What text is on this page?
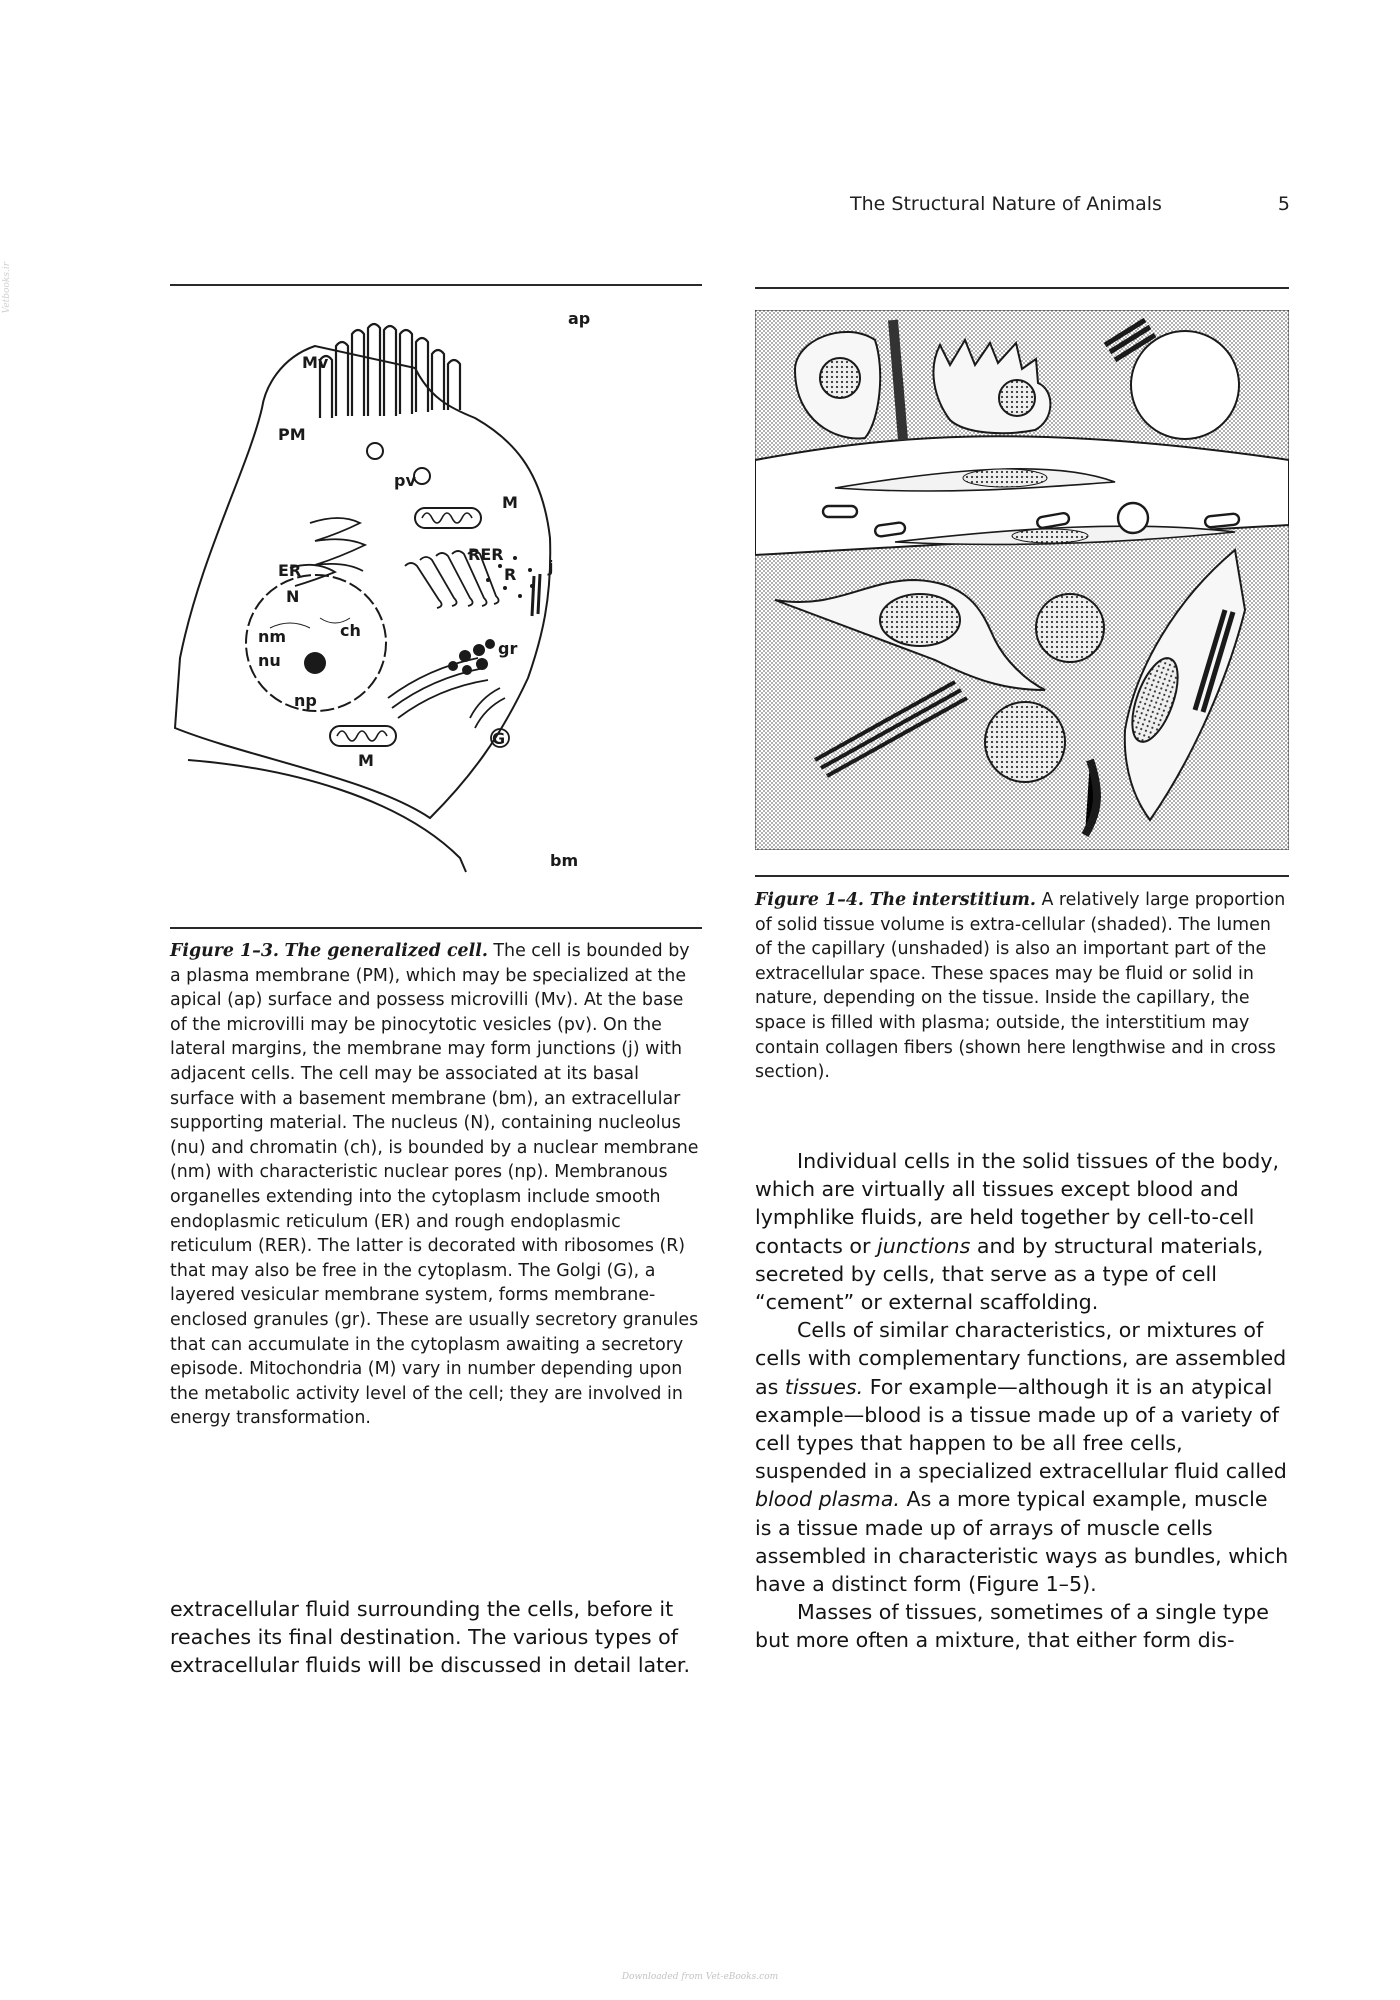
The Structural Nature of Animals	5
Vetbooks.ir
ap
Mv
PM
pv
M
RER
ER	R j
N
ch
nm
nu
gr
np
M
G
bm
Figure 1–3. The generalized cell. The cell is bounded by a plasma membrane (PM), which may be specialized at the apical (ap) surface and possess microvilli (Mv). At the base of the microvilli may be pinocytotic vesicles (pv). On the lateral margins, the membrane may form junctions (j) with adjacent cells. The cell may be associated at its basal surface with a basement membrane (bm), an extracellular supporting material. The nucleus (N), containing nucleolus (nu) and chromatin (ch), is bounded by a nuclear membrane (nm) with characteristic nuclear pores (np). Membranous organelles extending into the cytoplasm include smooth endoplasmic reticulum (ER) and rough endoplasmic reticulum (RER). The latter is decorated with ribosomes (R) that may also be free in the cytoplasm. The Golgi (G), a layered vesicular membrane system, forms membrane-enclosed granules (gr). These are usually secretory granules that can accumulate in the cytoplasm awaiting a secretory episode. Mitochondria (M) vary in number depending upon the metabolic activity level of the cell; they are involved in energy transformation.
Figure 1–4. The interstitium. A relatively large proportion of solid tissue volume is extra-cellular (shaded). The lumen of the capillary (unshaded) is also an important part of the extracellular space. These spaces may be fluid or solid in nature, depending on the tissue. Inside the capillary, the space is filled with plasma; outside, the interstitium may contain collagen fibers (shown here lengthwise and in cross section).

extracellular fluid surrounding the cells, before it reaches its final destination. The various types of extracellular fluids will be discussed in detail later.

Individual cells in the solid tissues of the body, which are virtually all tissues except blood and lymphlike fluids, are held together by cell-to-cell contacts or junctions and by structural materials, secreted by cells, that serve as a type of cell “cement” or external scaffolding.

Cells of similar characteristics, or mixtures of cells with complementary functions, are assembled as tissues. For example—although it is an atypical example—blood is a tissue made up of a variety of cell types that happen to be all free cells, suspended in a specialized extracellular fluid called blood plasma. As a more typical example, muscle is a tissue made up of arrays of muscle cells assembled in characteristic ways as bundles, which have a distinct form (Figure 1–5).

Masses of tissues, sometimes of a single type but more often a mixture, that either form dis-

Downloaded from Vet-eBooks.com
